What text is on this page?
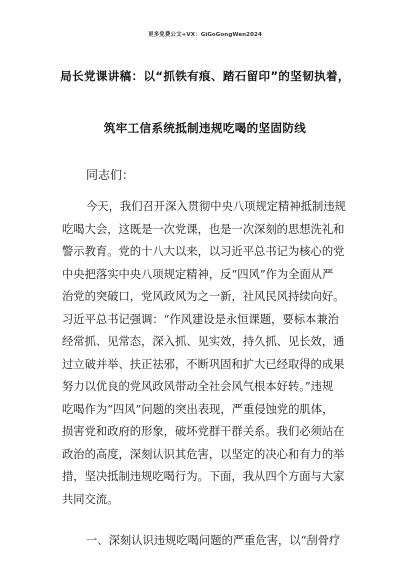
更多免费公文+VX：GiGoGongWen2024
局长党课讲稿：以“抓铁有痕、踏石留印”的坚韧执着，
筑牢工信系统抵制违规吃喝的坚固防线
同志们：
今天，我们召开深入贯彻中央八项规定精神抵制违规
吃喝大会，这既是一次党课，也是一次深刻的思想洗礼和
警示教育。党的十八大以来，以习近平总书记为核心的党
中央把落实中央八项规定精神，反“四风”作为全面从严
治党的突破口，党风政风为之一新，社风民风持续向好。
习近平总书记强调：“作风建设是永恒课题，要标本兼治
经常抓、见常态，深入抓、见实效，持久抓、见长效，通
过立破并举、扶正祛邪，不断巩固和扩大已经取得的成果
努力以优良的党风政风带动全社会风气根本好转。”违规
吃喝作为“四风”问题的突出表现，严重侵蚀党的肌体，
损害党和政府的形象，破坏党群干群关系。我们必须站在
政治的高度，深刻认识其危害，以坚定的决心和有力的举
措，坚决抵制违规吃喝行为。下面，我从四个方面与大家
共同交流。
一、深刻认识违规吃喝问题的严重危害，以“刮骨疗
